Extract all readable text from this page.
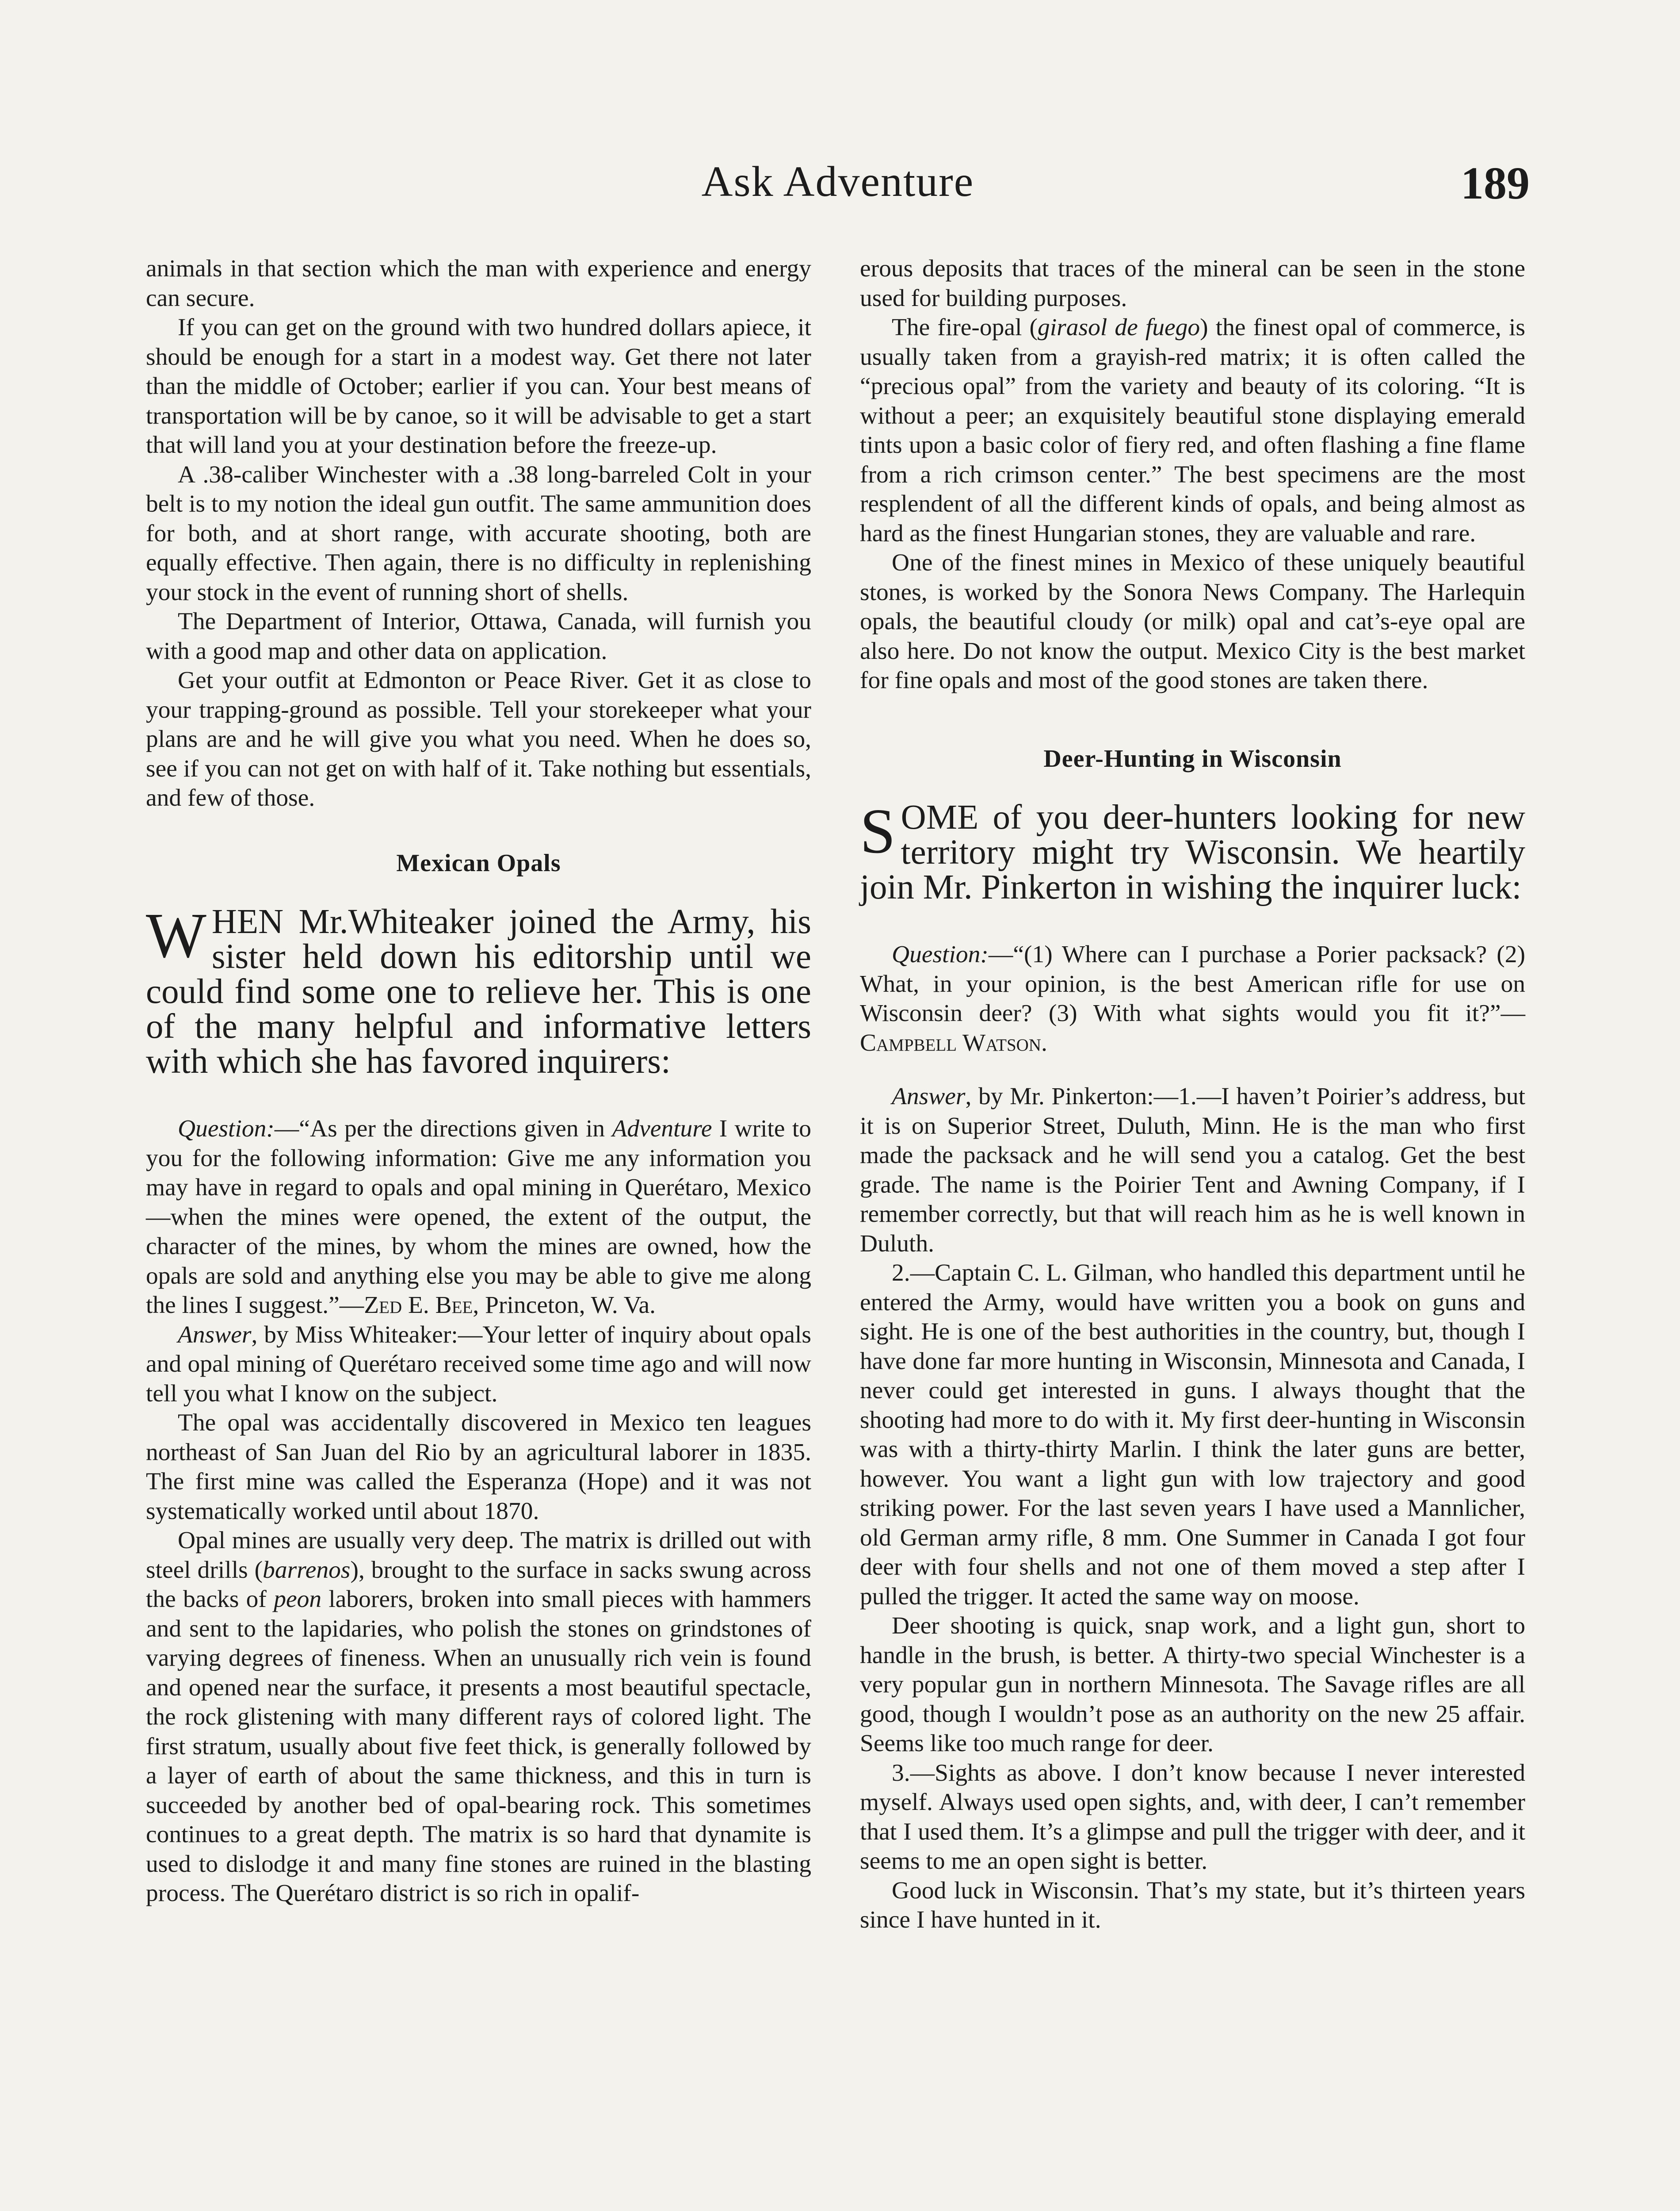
Ask Adventure	189

animals in that section which the man with experience and energy can secure.

If you can get on the ground with two hundred dollars apiece, it should be enough for a start in a modest way. Get there not later than the middle of October; earlier if you can. Your best means of transportation will be by canoe, so it will be advisable to get a start that will land you at your destination before the freeze-up.

A .38-caliber Winchester with a .38 long-barreled Colt in your belt is to my notion the ideal gun outfit. The same ammunition does for both, and at short range, with accurate shooting, both are equally effective. Then again, there is no difficulty in replenishing your stock in the event of running short of shells.

The Department of Interior, Ottawa, Canada, will furnish you with a good map and other data on application.

Get your outfit at Edmonton or Peace River. Get it as close to your trapping-ground as possible. Tell your storekeeper what your plans are and he will give you what you need. When he does so, see if you can not get on with half of it. Take nothing but essentials, and few of those.

Mexican Opals

WHEN Mr.Whiteaker joined the Army, his sister held down his editorship until we could find some one to relieve her. This is one of the many helpful and informative letters with which she has favored inquirers:

Question:—“As per the directions given in Adventure I write to you for the following information: Give me any information you may have in regard to opals and opal mining in Querétaro, Mexico—when the mines were opened, the extent of the output, the character of the mines, by whom the mines are owned, how the opals are sold and anything else you may be able to give me along the lines I suggest.”—Zed E. Bee, Princeton, W. Va.

Answer, by Miss Whiteaker:—Your letter of inquiry about opals and opal mining of Querétaro received some time ago and will now tell you what I know on the subject.

The opal was accidentally discovered in Mexico ten leagues northeast of San Juan del Rio by an agricultural laborer in 1835. The first mine was called the Esperanza (Hope) and it was not systematically worked until about 1870.

Opal mines are usually very deep. The matrix is drilled out with steel drills (barrenos), brought to the surface in sacks swung across the backs of peon laborers, broken into small pieces with hammers and sent to the lapidaries, who polish the stones on grindstones of varying degrees of fineness. When an unusually rich vein is found and opened near the surface, it presents a most beautiful spectacle, the rock glistening with many different rays of colored light. The first stratum, usually about five feet thick, is generally followed by a layer of earth of about the same thickness, and this in turn is succeeded by another bed of opal-bearing rock. This sometimes continues to a great depth. The matrix is so hard that dynamite is used to dislodge it and many fine stones are ruined in the blasting process. The Querétaro district is so rich in opalif-

erous deposits that traces of the mineral can be seen in the stone used for building purposes.

The fire-opal (girasol de fuego) the finest opal of commerce, is usually taken from a grayish-red matrix; it is often called the “precious opal” from the variety and beauty of its coloring. “It is without a peer; an exquisitely beautiful stone displaying emerald tints upon a basic color of fiery red, and often flashing a fine flame from a rich crimson center.” The best specimens are the most resplendent of all the different kinds of opals, and being almost as hard as the finest Hungarian stones, they are valuable and rare.

One of the finest mines in Mexico of these uniquely beautiful stones, is worked by the Sonora News Company. The Harlequin opals, the beautiful cloudy (or milk) opal and cat’s-eye opal are also here. Do not know the output. Mexico City is the best market for fine opals and most of the good stones are taken there.

Deer-Hunting in Wisconsin

SOME of you deer-hunters looking for new territory might try Wisconsin. We heartily join Mr. Pinkerton in wishing the inquirer luck:

Question:—“(1) Where can I purchase a Porier packsack? (2) What, in your opinion, is the best American rifle for use on Wisconsin deer? (3) With what sights would you fit it?”—Campbell Watson.

Answer, by Mr. Pinkerton:—1.—I haven’t Poirier’s address, but it is on Superior Street, Duluth, Minn. He is the man who first made the packsack and he will send you a catalog. Get the best grade. The name is the Poirier Tent and Awning Company, if I remember correctly, but that will reach him as he is well known in Duluth.

2.—Captain C. L. Gilman, who handled this department until he entered the Army, would have written you a book on guns and sight. He is one of the best authorities in the country, but, though I have done far more hunting in Wisconsin, Minnesota and Canada, I never could get interested in guns. I always thought that the shooting had more to do with it. My first deer-hunting in Wisconsin was with a thirty-thirty Marlin. I think the later guns are better, however. You want a light gun with low trajectory and good striking power. For the last seven years I have used a Mannlicher, old German army rifle, 8 mm. One Summer in Canada I got four deer with four shells and not one of them moved a step after I pulled the trigger. It acted the same way on moose.

Deer shooting is quick, snap work, and a light gun, short to handle in the brush, is better. A thirty-two special Winchester is a very popular gun in northern Minnesota. The Savage rifles are all good, though I wouldn’t pose as an authority on the new 25 affair. Seems like too much range for deer.

3.—Sights as above. I don’t know because I never interested myself. Always used open sights, and, with deer, I can’t remember that I used them. It’s a glimpse and pull the trigger with deer, and it seems to me an open sight is better.

Good luck in Wisconsin. That’s my state, but it’s thirteen years since I have hunted in it.
